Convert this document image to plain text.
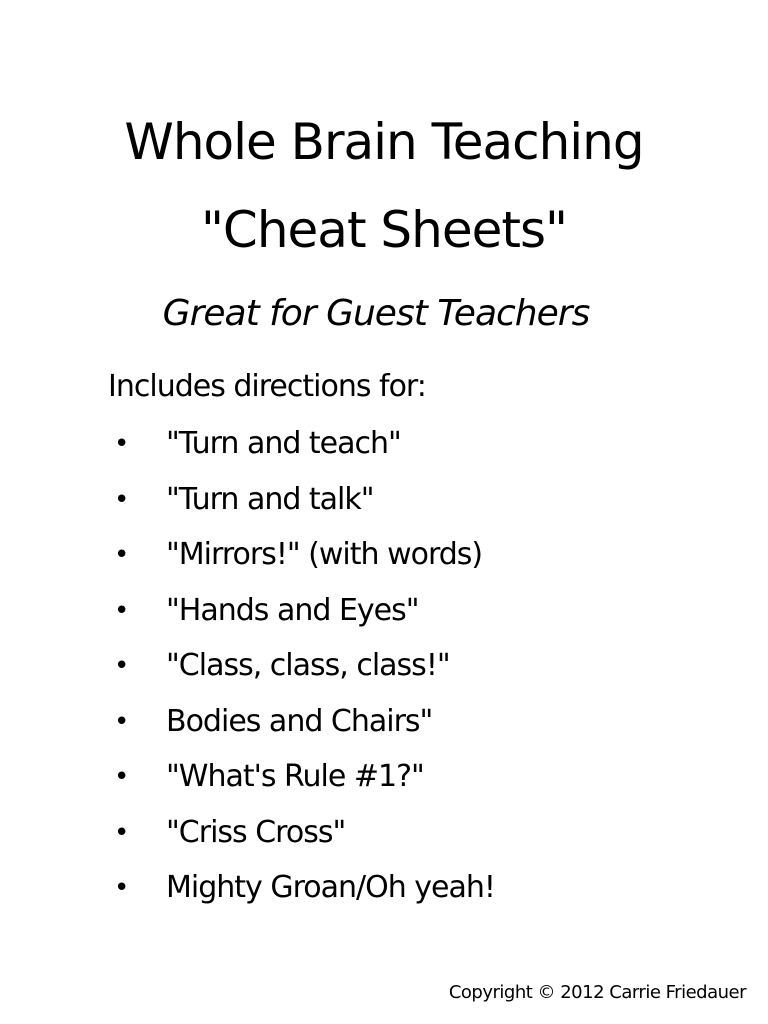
Whole Brain Teaching
"Cheat Sheets"
Great for Guest Teachers
Includes directions for:
•	"Turn and teach"
•	"Turn and talk"
•	"Mirrors!" (with words)
•	"Hands and Eyes"
•	"Class, class, class!"
•	Bodies and Chairs"
•	"What's Rule #1?"
•	"Criss Cross"
•	Mighty Groan/Oh yeah!
Copyright © 2012 Carrie Friedauer
